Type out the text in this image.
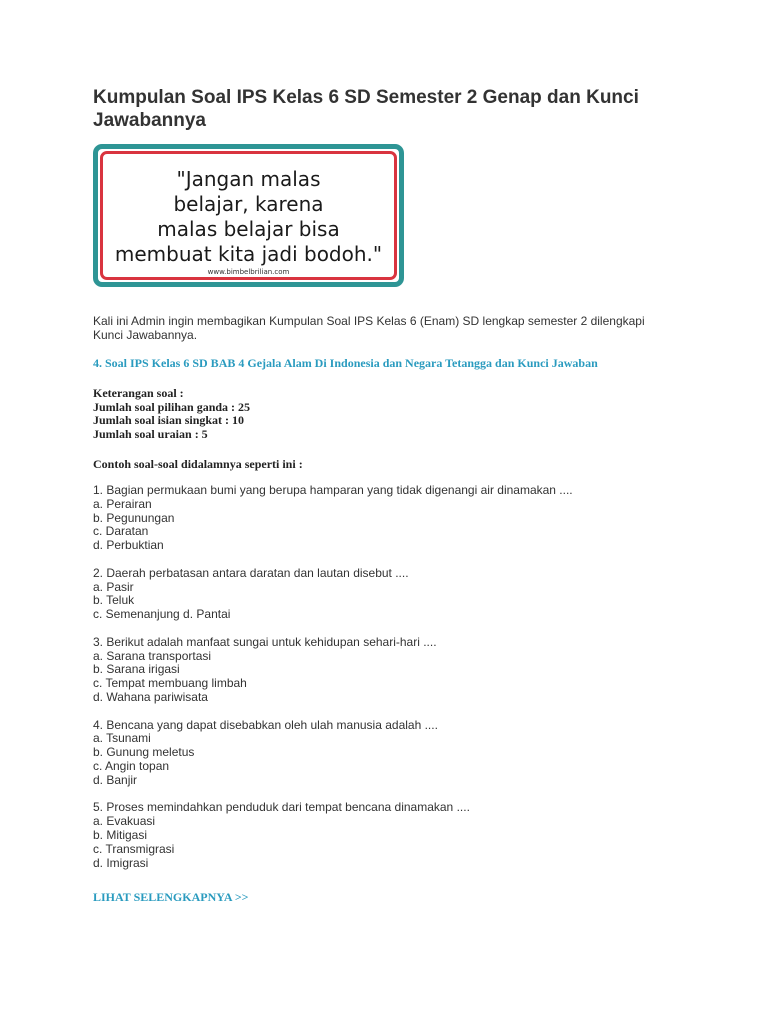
Kumpulan Soal IPS Kelas 6 SD Semester 2 Genap dan Kunci Jawabannya
"Jangan malas
belajar, karena
malas belajar bisa
membuat kita jadi bodoh."
www.bimbelbrilian.com

Kali ini Admin ingin membagikan Kumpulan Soal IPS Kelas 6 (Enam) SD lengkap semester 2 dilengkapi Kunci Jawabannya.

4. Soal IPS Kelas 6 SD BAB 4 Gejala Alam Di Indonesia dan Negara Tetangga dan Kunci Jawaban
Keterangan soal :
Jumlah soal pilihan ganda : 25
Jumlah soal isian singkat : 10
Jumlah soal uraian : 5
Contoh soal-soal didalamnya seperti ini :
1. Bagian permukaan bumi yang berupa hamparan yang tidak digenangi air dinamakan ....
a. Perairan
b. Pegunungan
c. Daratan
d. Perbuktian
2. Daerah perbatasan antara daratan dan lautan disebut ....
a. Pasir
b. Teluk
c. Semenanjung d. Pantai
3. Berikut adalah manfaat sungai untuk kehidupan sehari-hari ....
a. Sarana transportasi
b. Sarana irigasi
c. Tempat membuang limbah
d. Wahana pariwisata
4. Bencana yang dapat disebabkan oleh ulah manusia adalah ....
a. Tsunami
b. Gunung meletus
c. Angin topan
d. Banjir
5. Proses memindahkan penduduk dari tempat bencana dinamakan ....
a. Evakuasi
b. Mitigasi
c. Transmigrasi
d. Imigrasi
LIHAT SELENGKAPNYA >>
